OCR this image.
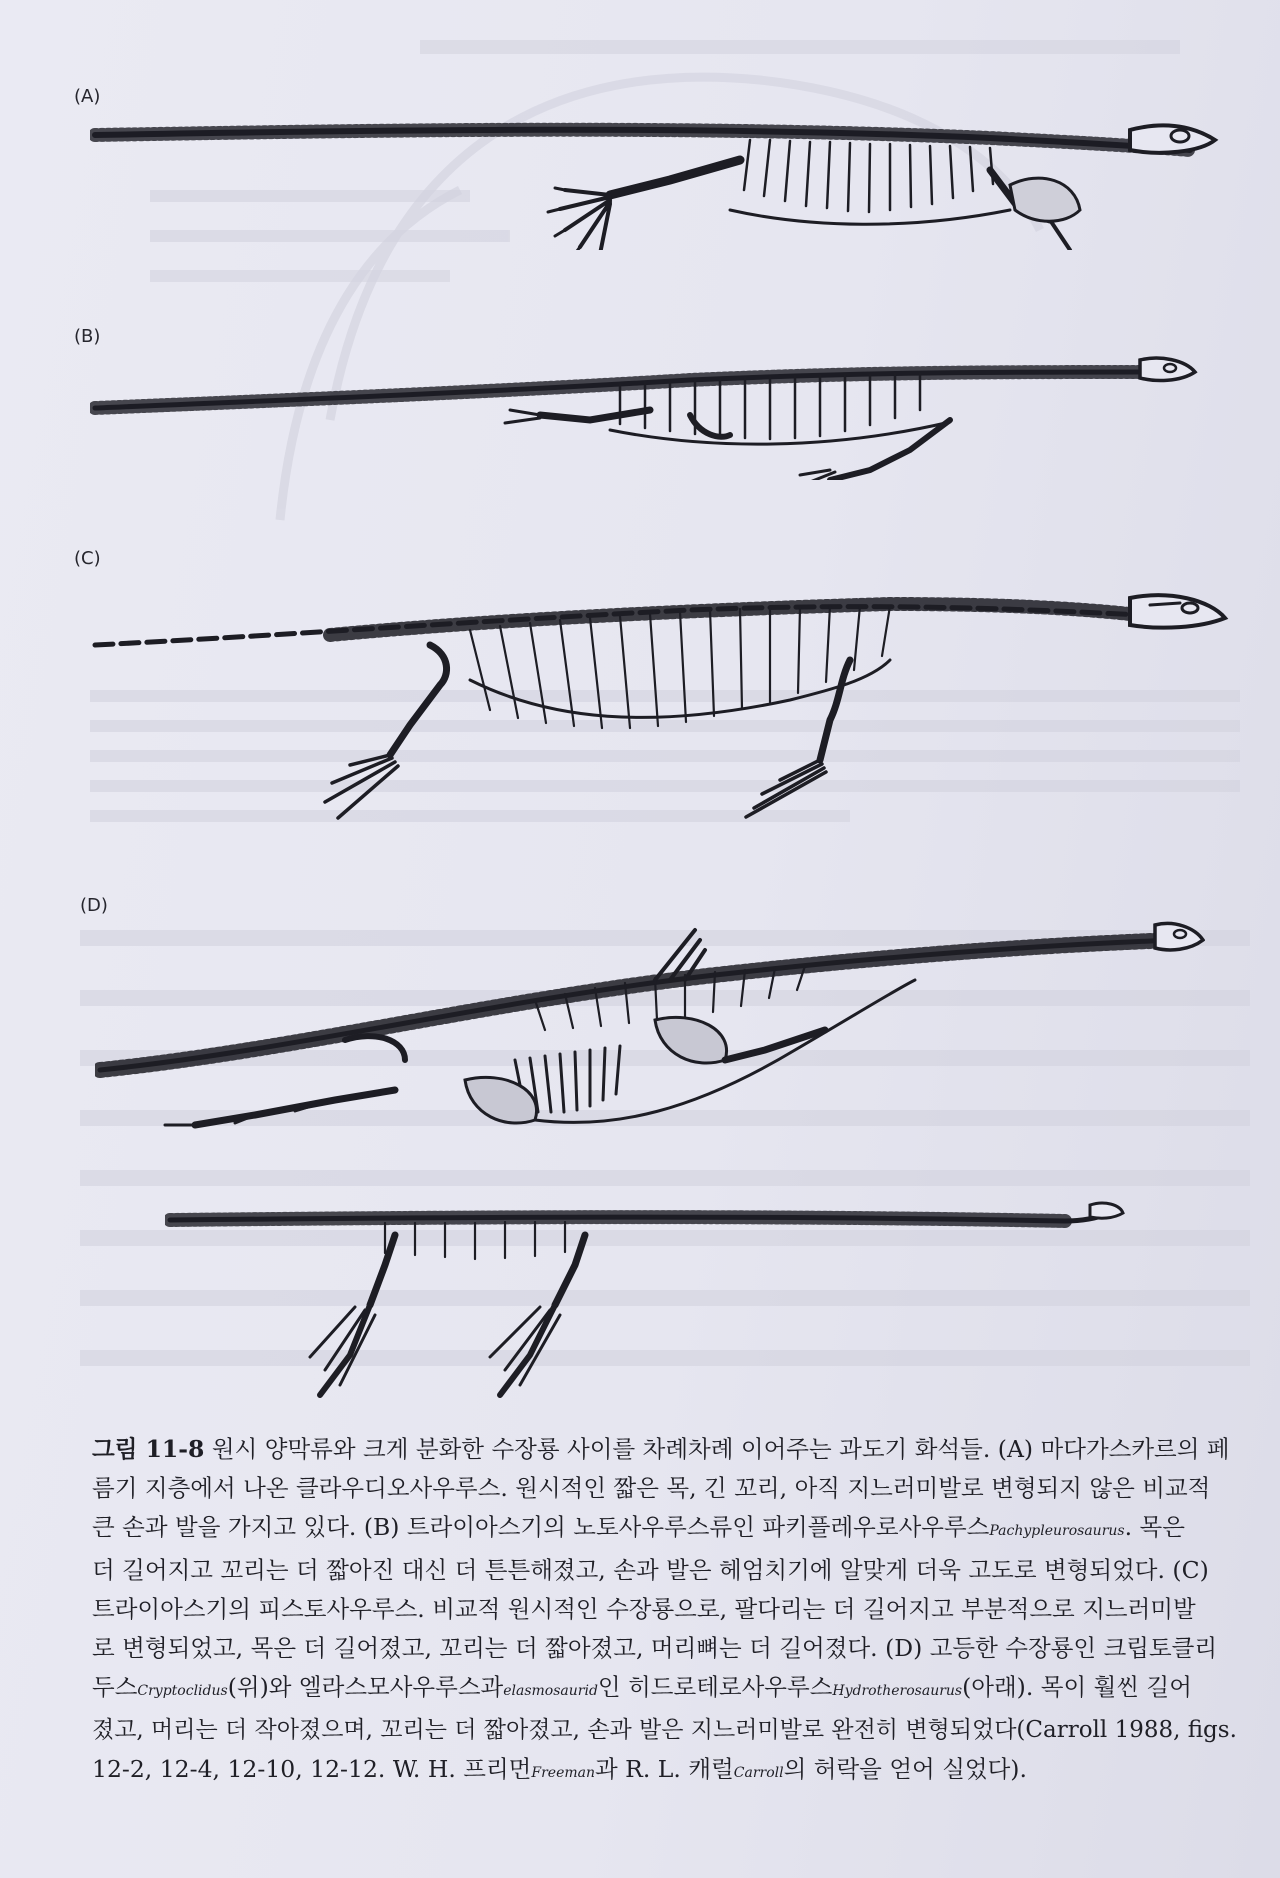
(A)
(B)
(C)
(D)
그림 11-8 원시 양막류와 크게 분화한 수장룡 사이를 차례차례 이어주는 과도기 화석들. (A) 마다가스카르의 페
름기 지층에서 나온 클라우디오사우루스. 원시적인 짧은 목, 긴 꼬리, 아직 지느러미발로 변형되지 않은 비교적
큰 손과 발을 가지고 있다. (B) 트라이아스기의 노토사우루스류인 파키플레우로사우루스Pachypleurosaurus. 목은
더 길어지고 꼬리는 더 짧아진 대신 더 튼튼해졌고, 손과 발은 헤엄치기에 알맞게 더욱 고도로 변형되었다. (C)
트라이아스기의 피스토사우루스. 비교적 원시적인 수장룡으로, 팔다리는 더 길어지고 부분적으로 지느러미발
로 변형되었고, 목은 더 길어졌고, 꼬리는 더 짧아졌고, 머리뼈는 더 길어졌다. (D) 고등한 수장룡인 크립토클리
두스Cryptoclidus(위)와 엘라스모사우루스과elasmosaurid인 히드로테로사우루스Hydrotherosaurus(아래). 목이 훨씬 길어
졌고, 머리는 더 작아졌으며, 꼬리는 더 짧아졌고, 손과 발은 지느러미발로 완전히 변형되었다(Carroll 1988, figs.
12-2, 12-4, 12-10, 12-12. W. H. 프리먼Freeman과 R. L. 캐럴Carroll의 허락을 얻어 실었다).
